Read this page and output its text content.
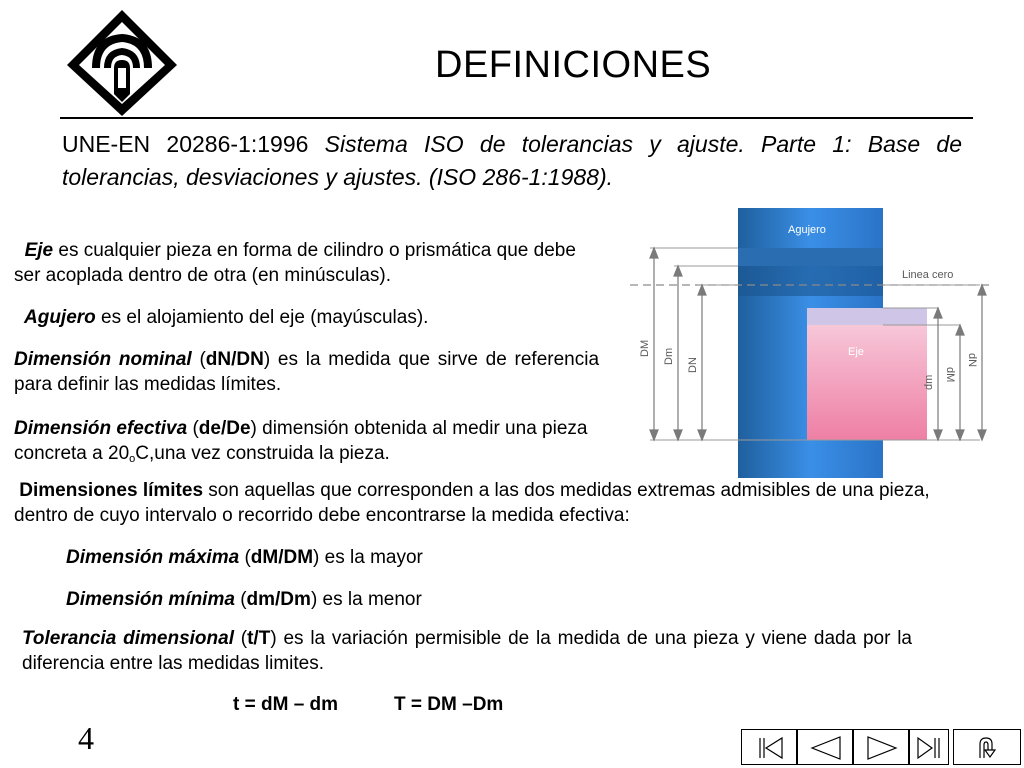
DEFINICIONES
UNE-EN 20286-1:1996 Sistema ISO de tolerancias y ajuste. Parte 1: Base de tolerancias, desviaciones y ajustes. (ISO 286-1:1988).
Eje es cualquier pieza en forma de cilindro o prismática que debe ser acoplada dentro de otra (en minúsculas).
Agujero es el alojamiento del eje (mayúsculas).
Dimensión nominal (dN/DN) es la medida que sirve de referencia para definir las medidas límites.
Dimensión efectiva (de/De) dimensión obtenida al medir una pieza concreta a 20$^o$C,una vez construida la pieza.
Dimensiones límites son aquellas que corresponden a las dos medidas extremas admisibles de una pieza, dentro de cuyo intervalo o recorrido debe encontrarse la medida efectiva:
Dimensión máxima (dM/DM) es la mayor
Dimensión mínima (dm/Dm) es la menor
Tolerancia dimensional (t/T) es la variación permisible de la medida de una pieza y viene dada por la diferencia entre las medidas limites.
t = dM – dm	T = DM –Dm
Agujero
Eje
Linea cero
DM Dm
DN
dm
dM
dN
4
